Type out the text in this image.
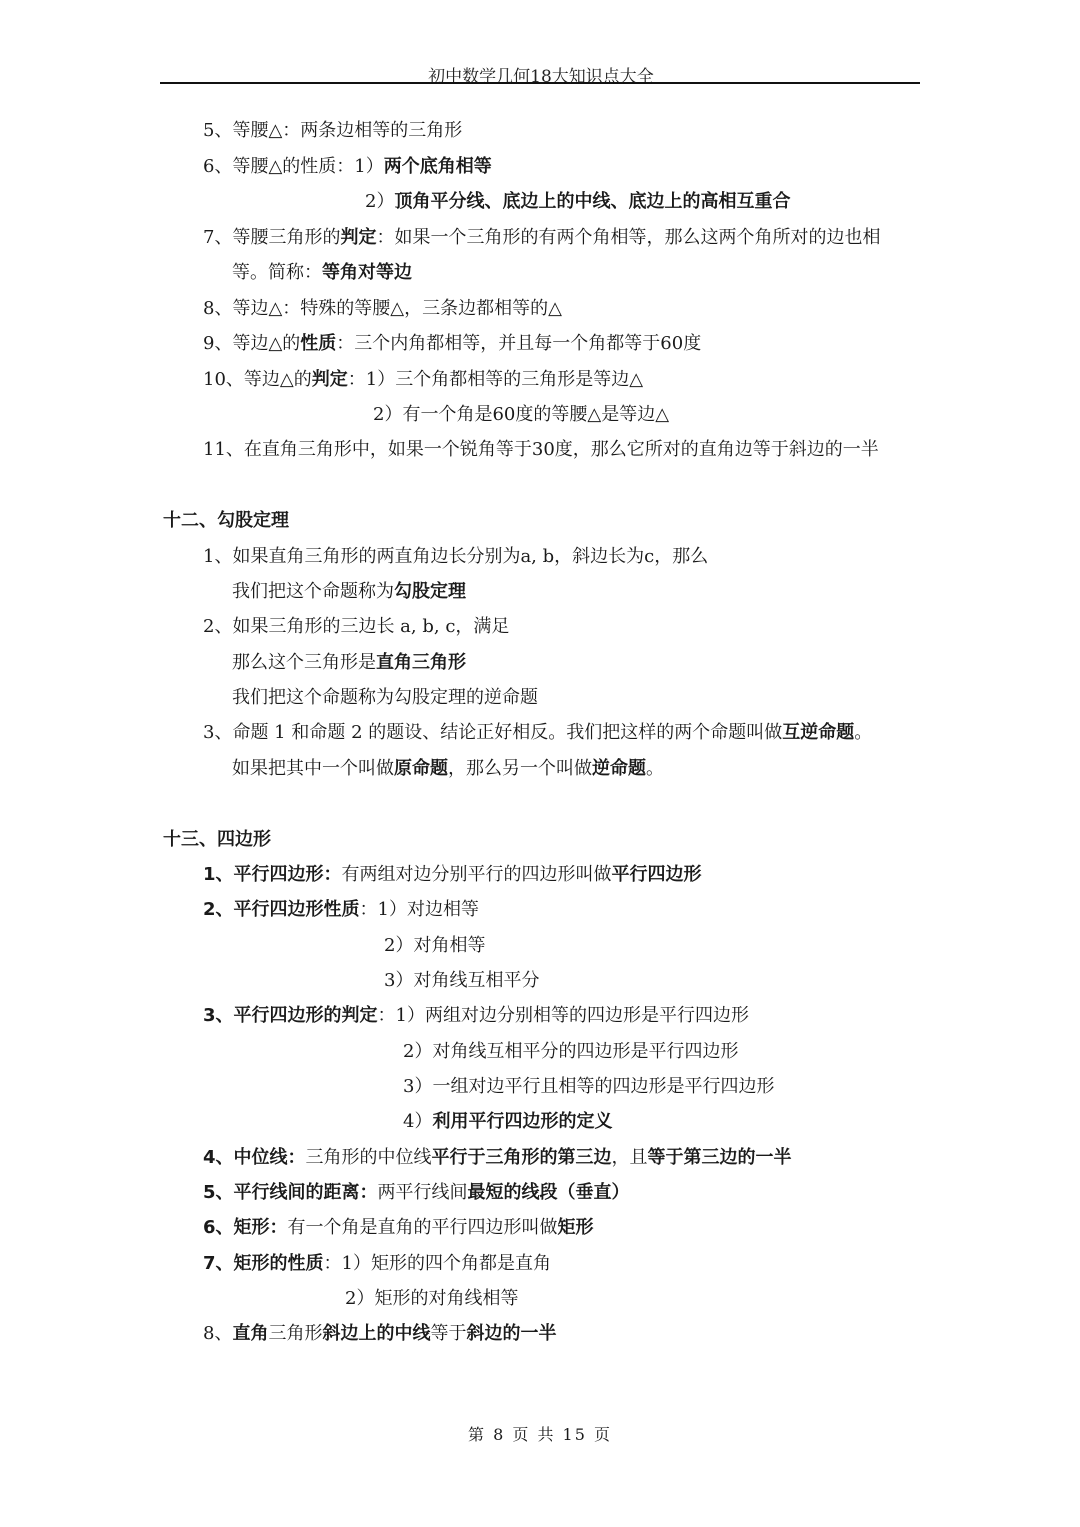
初中数学几何18大知识点大全
5、等腰△：两条边相等的三角形
6、等腰△的性质：1）两个底角相等
2）顶角平分线、底边上的中线、底边上的高相互重合
7、等腰三角形的判定：如果一个三角形的有两个角相等，那么这两个角所对的边也相
等。简称：等角对等边
8、等边△：特殊的等腰△，三条边都相等的△
9、等边△的性质：三个内角都相等，并且每一个角都等于60度
10、等边△的判定：1）三个角都相等的三角形是等边△
2）有一个角是60度的等腰△是等边△
11、在直角三角形中，如果一个锐角等于30度，那么它所对的直角边等于斜边的一半
十二、勾股定理
1、如果直角三角形的两直角边长分别为a, b，斜边长为c，那么
我们把这个命题称为勾股定理
2、如果三角形的三边长 a, b, c，满足
那么这个三角形是直角三角形
我们把这个命题称为勾股定理的逆命题
3、命题 1 和命题 2 的题设、结论正好相反。我们把这样的两个命题叫做互逆命题。
如果把其中一个叫做原命题，那么另一个叫做逆命题。
十三、四边形
1、平行四边形：有两组对边分别平行的四边形叫做平行四边形
2、平行四边形性质：1）对边相等
2）对角相等
3）对角线互相平分
3、平行四边形的判定：1）两组对边分别相等的四边形是平行四边形
2）对角线互相平分的四边形是平行四边形
3）一组对边平行且相等的四边形是平行四边形
4）利用平行四边形的定义
4、中位线：三角形的中位线平行于三角形的第三边，且等于第三边的一半
5、平行线间的距离：两平行线间最短的线段（垂直）
6、矩形：有一个角是直角的平行四边形叫做矩形
7、矩形的性质：1）矩形的四个角都是直角
2）矩形的对角线相等
8、直角三角形斜边上的中线等于斜边的一半
第 8 页 共 15 页
